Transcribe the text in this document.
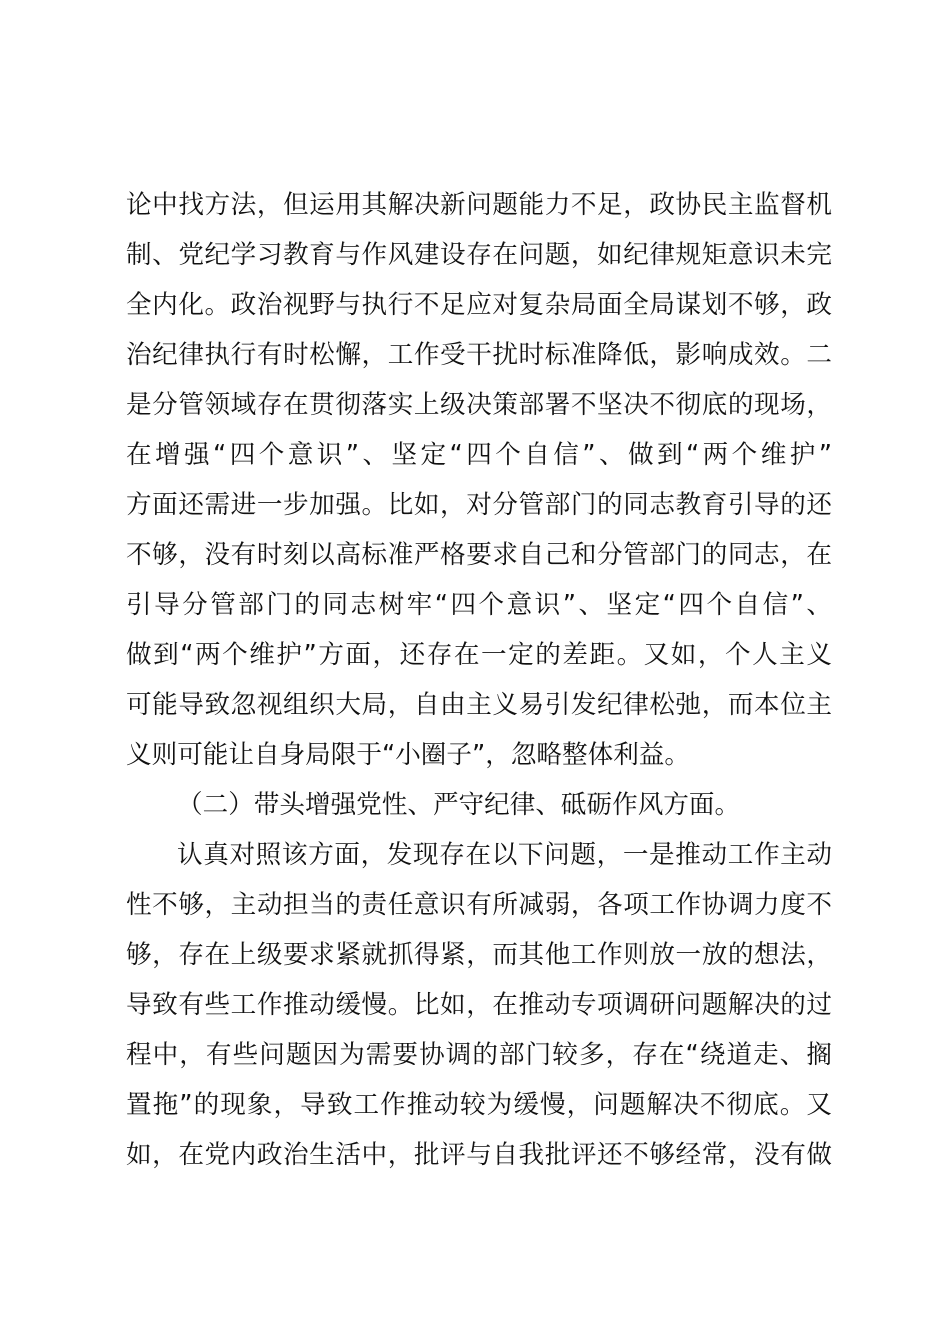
论中找方法，但运用其解决新问题能力不足，政协民主监督机
制、党纪学习教育与作风建设存在问题，如纪律规矩意识未完
全内化。政治视野与执行不足应对复杂局面全局谋划不够，政
治纪律执行有时松懈，工作受干扰时标准降低，影响成效。二
是分管领域存在贯彻落实上级决策部署不坚决不彻底的现场，
在增强“四个意识”、坚定“四个自信”、做到“两个维护”
方面还需进一步加强。比如，对分管部门的同志教育引导的还
不够，没有时刻以高标准严格要求自己和分管部门的同志，在
引导分管部门的同志树牢“四个意识”、坚定“四个自信”、
做到“两个维护”方面，还存在一定的差距。又如，个人主义
可能导致忽视组织大局，自由主义易引发纪律松弛，而本位主
义则可能让自身局限于“小圈子”，忽略整体利益。
（二）带头增强党性、严守纪律、砥砺作风方面。
认真对照该方面，发现存在以下问题，一是推动工作主动
性不够，主动担当的责任意识有所减弱，各项工作协调力度不
够，存在上级要求紧就抓得紧，而其他工作则放一放的想法，
导致有些工作推动缓慢。比如，在推动专项调研问题解决的过
程中，有些问题因为需要协调的部门较多，存在“绕道走、搁
置拖”的现象，导致工作推动较为缓慢，问题解决不彻底。又
如，在党内政治生活中，批评与自我批评还不够经常，没有做
